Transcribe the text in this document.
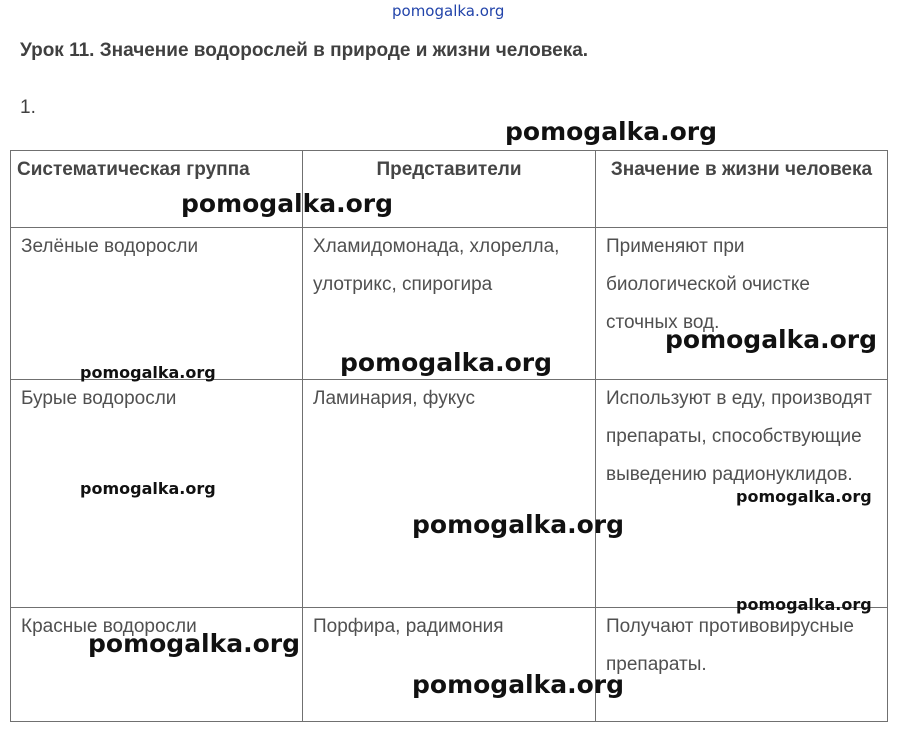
pomogalka.org
Урок 11. Значение водорослей в природе и жизни человека.
1.
Систематическая группа	Представители	Значение в жизни человека
Зелёные водоросли	Хламидомонада, хлорелла, улотрикс, спирогира	Применяют при биологической очистке сточных вод.
Бурые водоросли	Ламинария, фукус	Используют в еду, производят препараты, способствующие выведению радионуклидов.
Красные водоросли	Порфира, радимония	Получают противовирусные препараты.
pomogalka.org
pomogalka.org
pomogalka.org
pomogalka.org
pomogalka.org
pomogalka.org	pomogalka.org
pomogalka.org
pomogalka.org
pomogalka.org
pomogalka.org
